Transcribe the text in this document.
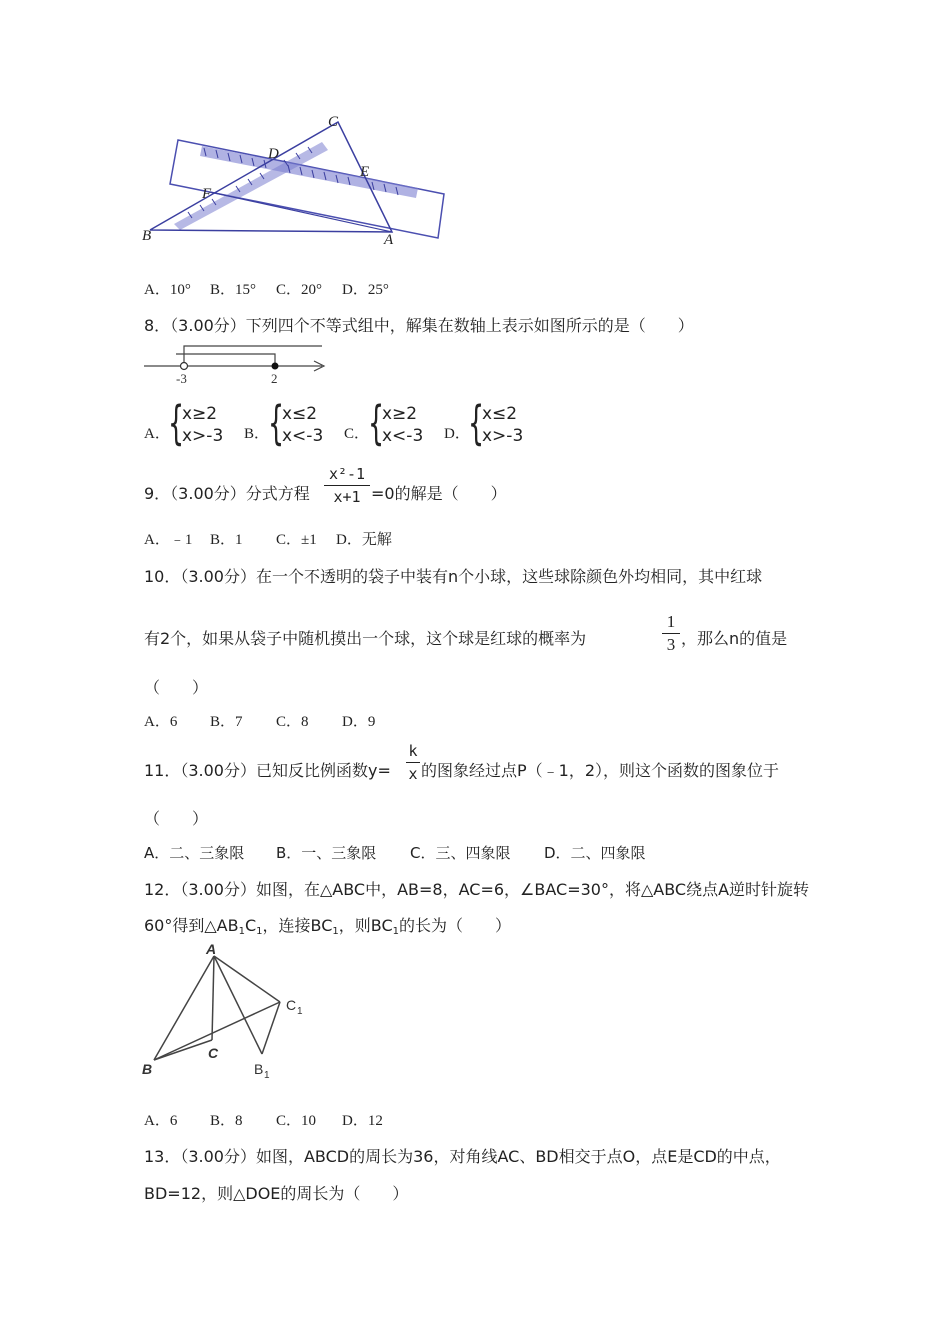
C
D
E
F
B	A
A．10° B．15° C．20° D．25°
8．（3.00分）下列四个不等式组中，解集在数轴上表示如图所示的是（　　）
-3	2
A．
{
x≥2
x>-3 B．
{
x≤2
x<-3 C．
{
x≥2
x<-3 D．
{
x≤2
x>-3
9．（3.00分）分式方程
x²-1
x+1 =0的解是（　　）
A．﹣1 B．1 C．±1 D．无解
10．（3.00分）在一个不透明的袋子中装有n个小球，这些球除颜色外均相同，其中红球
有2个，如果从袋子中随机摸出一个球，这个球是红球的概率为
1
3 ，那么n的值是
（　　）
A．6 B．7 C．8 D．9
11．（3.00分）已知反比例函数y=
k
x 的图象经过点P（﹣1，2），则这个函数的图象位于
（　　）
A．二、三象限 B．一、三象限 C．三、四象限 D．二、四象限
12．（3.00分）如图，在△ABC中，AB=8，AC=6，∠BAC=30°，将△ABC绕点A逆时针旋转
60°得到$\triangle AB_1C_1$，连接$BC_1$，则$BC_1$的长为（　　）
A
B
C
C 1
B 1
A．6 B．8 C．10 D．12
13．（3.00分）如图，ABCD的周长为36，对角线AC、BD相交于点O，点E是CD的中点，
BD=12，则△DOE的周长为（　　）
